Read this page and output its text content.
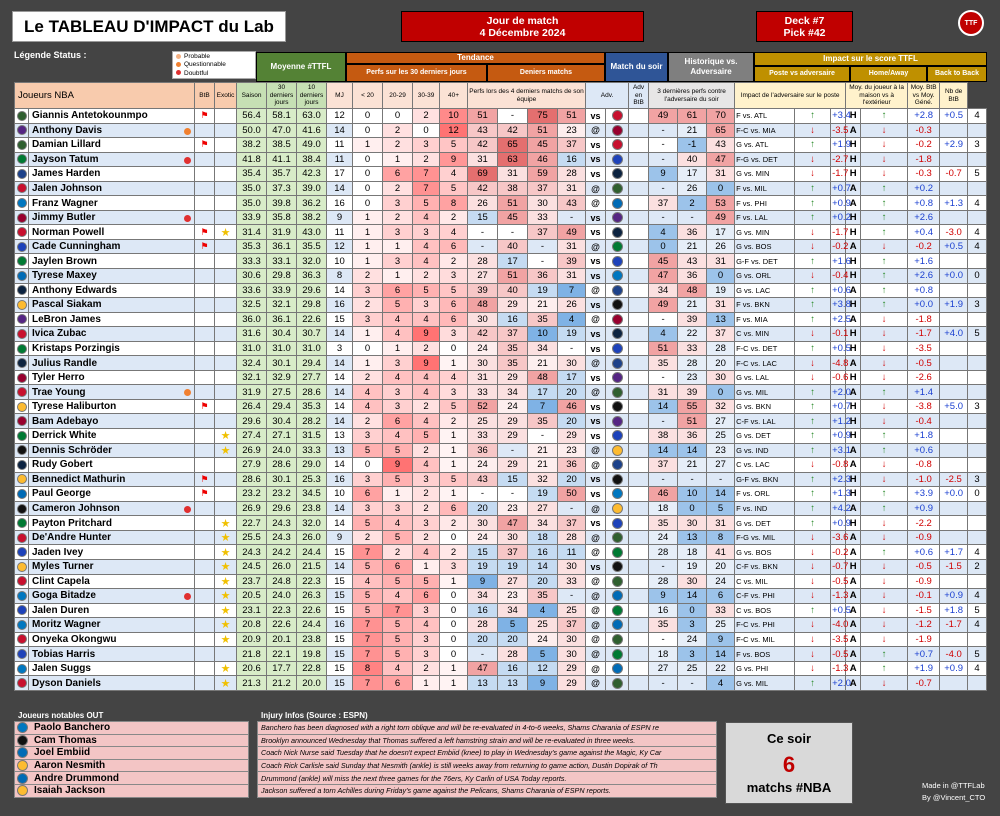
Le TABLEAU D'IMPACT du Lab	Jour de match
4 Décembre 2024
Deck #7
Pick #42
TTF
Légende Status :	Probable
Questionnable
Doubtful
Moyenne #TTFL
Tendance
Perfs sur les 30 derniers jours	Deniers matchs
Match du soir
Historique vs. Adversaire
Impact sur le score TTFL
Poste vs adversaire	Home/Away	Back to Back
Joueurs NBA		BtB	Exotic	Saison	30 derniers jours	10 derniers jours	MJ	< 20	20-29	30-39	40+	Perfs lors des 4 derniers matchs de son équipe				Adv.		Adv en BtB	3 dernières perfs contre l'adversaire du soir			Impact de l'adversaire sur le poste			Moy. du joueur à la maison vs à l'extérieur		Moy. BtB vs Moy. Géné.	Nb de BtB	
	Giannis Antetokounmpo	⚑		56.4	58.1	63.0	12	0	0	2	10	51	-	75	51	vs			49	61	70	F vs. ATL	↑	+3.4	H	↑	+2.8	+0.5	4
	Anthony Davis			50.0	47.0	41.6	14	0	2	0	12	43	42	51	23	@			-	21	65	F-C vs. MIA	↓	-3.5	A	↓	-0.3		
	Damian Lillard	⚑		38.2	38.5	49.0	11	1	2	3	5	42	65	45	37	vs			-	-1	43	G vs. ATL	↑	+1.9	H	↓	-0.2	+2.9	3
	Jayson Tatum			41.8	41.1	38.4	11	0	1	2	9	31	63	46	16	vs			-	40	47	F-G vs. DET	↓	-2.7	H	↓	-1.8		
	James Harden			35.4	35.7	42.3	17	0	6	7	4	69	31	59	28	vs			9	17	31	G vs. MIN	↓	-1.7	H	↓	-0.3	-0.7	5
	Jalen Johnson			35.0	37.3	39.0	14	0	2	7	5	42	38	37	31	@			-	26	0	F vs. MIL	↑	+0.7	A	↑	+0.2		
	Franz Wagner			35.0	39.8	36.2	16	0	3	5	8	26	51	30	43	@			37	2	53	F vs. PHI	↑	+0.9	A	↑	+0.8	+1.3	4
	Jimmy Butler			33.9	35.8	38.2	9	1	2	4	2	15	45	33	-	vs			-	-	49	F vs. LAL	↑	+0.2	H	↑	+2.6		
	Norman Powell	⚑	★	31.4	31.9	43.0	11	1	3	3	4	-	-	37	49	vs			4	36	17	G vs. MIN	↓	-1.7	H	↑	+0.4	-3.0	4
	Cade Cunningham	⚑		35.3	36.1	35.5	12	1	1	4	6	-	40	-	31	@			0	21	26	G vs. BOS	↓	-0.2	A	↓	-0.2	+0.5	4
	Jaylen Brown			33.3	33.1	32.0	10	1	3	4	2	28	17	-	39	vs			45	43	31	G-F vs. DET	↑	+1.6	H	↑	+1.6		
	Tyrese Maxey			30.6	29.8	36.3	8	2	1	2	3	27	51	36	31	vs			47	36	0	G vs. ORL	↓	-0.4	H	↑	+2.6	+0.0	0
	Anthony Edwards			33.6	33.9	29.6	14	3	6	5	5	39	40	19	7	@			34	48	19	G vs. LAC	↑	+0.6	A	↑	+0.8		
	Pascal Siakam			32.5	32.1	29.8	16	2	5	3	6	48	29	21	26	vs			49	21	31	F vs. BKN	↑	+3.8	H	↑	+0.0	+1.9	3
	LeBron James			36.0	36.1	22.6	15	3	4	4	6	30	16	35	4	@			-	39	13	F vs. MIA	↑	+2.5	A	↓	-1.8		
	Ivica Zubac			31.6	30.4	30.7	14	1	4	9	3	42	37	10	19	vs			4	22	37	C vs. MIN	↓	-0.1	H	↓	-1.7	+4.0	5
	Kristaps Porzingis			31.0	31.0	31.0	3	0	1	2	0	24	35	34	-	vs			51	33	28	F-C vs. DET	↑	+0.5	H	↓	-3.5		
	Julius Randle			32.4	30.1	29.4	14	1	3	9	1	30	35	21	30	@			35	28	20	F-C vs. LAC	↓	-4.8	A	↓	-0.5		
	Tyler Herro			32.1	32.9	27.7	14	2	4	4	4	31	29	48	17	vs			-	23	30	G vs. LAL	↓	-0.6	H	↓	-2.6		
	Trae Young			31.9	27.5	28.6	14	4	3	4	3	33	34	17	20	@			31	39	0	G vs. MIL	↑	+2.0	A	↑	+1.4		
	Tyrese Haliburton	⚑		26.4	29.4	35.3	14	4	3	2	5	52	24	7	46	vs			14	55	32	G vs. BKN	↑	+0.7	H	↓	-3.8	+5.0	3
	Bam Adebayo			29.6	30.4	28.2	14	2	6	4	2	25	29	35	20	vs			-	51	27	C-F vs. LAL	↑	+1.2	H	↓	-0.4		
	Derrick White		★	27.4	27.1	31.5	13	3	4	5	1	33	29	-	29	vs			38	36	25	G vs. DET	↑	+0.9	H	↑	+1.8		
	Dennis Schröder		★	26.9	24.0	33.3	13	5	5	2	1	36	-	21	23	@			14	14	23	G vs. IND	↑	+3.1	A	↑	+0.6		
	Rudy Gobert			27.9	28.6	29.0	14	0	9	4	1	24	29	21	36	@			37	21	27	C vs. LAC	↓	-0.8	A	↓	-0.8		
	Bennedict Mathurin	⚑		28.6	30.1	25.3	16	3	5	3	5	43	15	32	20	vs			-	-	-	G-F vs. BKN	↑	+2.3	H	↓	-1.0	-2.5	3
	Paul George	⚑		23.2	23.2	34.5	10	6	1	2	1	-	-	19	50	vs			46	10	14	F vs. ORL	↑	+1.3	H	↑	+3.9	+0.0	0
	Cameron Johnson			26.9	29.6	23.8	14	3	3	2	6	20	23	27	-	@			18	0	5	F vs. IND	↑	+4.2	A	↑	+0.9		
	Payton Pritchard		★	22.7	24.3	32.0	14	5	4	3	2	30	47	34	37	vs			35	30	31	G vs. DET	↑	+0.9	H	↓	-2.2		
	De'Andre Hunter		★	25.5	24.3	26.0	9	2	5	2	0	24	30	18	28	@			24	13	8	F-G vs. MIL	↓	-3.6	A	↓	-0.9		
	Jaden Ivey		★	24.3	24.2	24.4	15	7	2	4	2	15	37	16	11	@			28	18	41	G vs. BOS	↓	-0.2	A	↑	+0.6	+1.7	4
	Myles Turner		★	24.5	26.0	21.5	14	5	6	1	3	19	19	14	30	vs			-	19	20	C-F vs. BKN	↓	-0.7	H	↓	-0.5	-1.5	2
	Clint Capela		★	23.7	24.8	22.3	15	4	5	5	1	9	27	20	33	@			28	30	24	C vs. MIL	↓	-0.5	A	↓	-0.9		
	Goga Bitadze		★	20.5	24.0	26.3	15	5	4	6	0	34	23	35	-	@			9	14	6	C-F vs. PHI	↓	-1.3	A	↓	-0.1	+0.9	4
	Jalen Duren		★	23.1	22.3	22.6	15	5	7	3	0	16	34	4	25	@			16	0	33	C vs. BOS	↑	+0.5	A	↓	-1.5	+1.8	5
	Moritz Wagner		★	20.8	22.6	24.4	16	7	5	4	0	28	5	25	37	@			35	3	25	F-C vs. PHI	↓	-4.0	A	↓	-1.2	-1.7	4
	Onyeka Okongwu		★	20.9	20.1	23.8	15	7	5	3	0	20	20	24	30	@			-	24	9	F-C vs. MIL	↓	-3.5	A	↓	-1.9		
	Tobias Harris			21.8	22.1	19.8	15	7	5	3	0	-	28	5	30	@			18	3	14	F vs. BOS	↓	-0.5	A	↑	+0.7	-4.0	5
	Jalen Suggs		★	20.6	17.7	22.8	15	8	4	2	1	47	16	12	29	@			27	25	22	G vs. PHI	↓	-1.3	A	↑	+1.9	+0.9	4
	Dyson Daniels		★	21.3	21.2	20.0	15	7	6	1	1	13	13	9	29	@			-	-	4	G vs. MIL	↑	+2.0	A	↓	-0.7		
Joueurs notables OUT
Paolo Banchero
Cam Thomas
Joel Embiid
Aaron Nesmith
Andre Drummond
Isaiah Jackson
Injury Infos (Source : ESPN)
Banchero has been diagnosed with a right torn oblique and will be re-evaluated in 4-to-6 weeks, Shams Charania of ESPN re
Brooklyn announced Wednesday that Thomas suffered a left hamstring strain and will be re-evaluated in three weeks.
Coach Nick Nurse said Tuesday that he doesn't expect Embiid (knee) to play in Wednesday's game against the Magic, Ky Car
Coach Rick Carlisle said Sunday that Nesmith (ankle) is still weeks away from returning to game action, Dustin Dopirak of Th
Drummond (ankle) will miss the next three games for the 76ers, Ky Carlin of USA Today reports.
Jackson suffered a torn Achilles during Friday's game against the Pelicans, Shams Charania of ESPN reports.
Ce soir
6
matchs #NBA	Made in @TTFLab
By @Vincent_CTO
